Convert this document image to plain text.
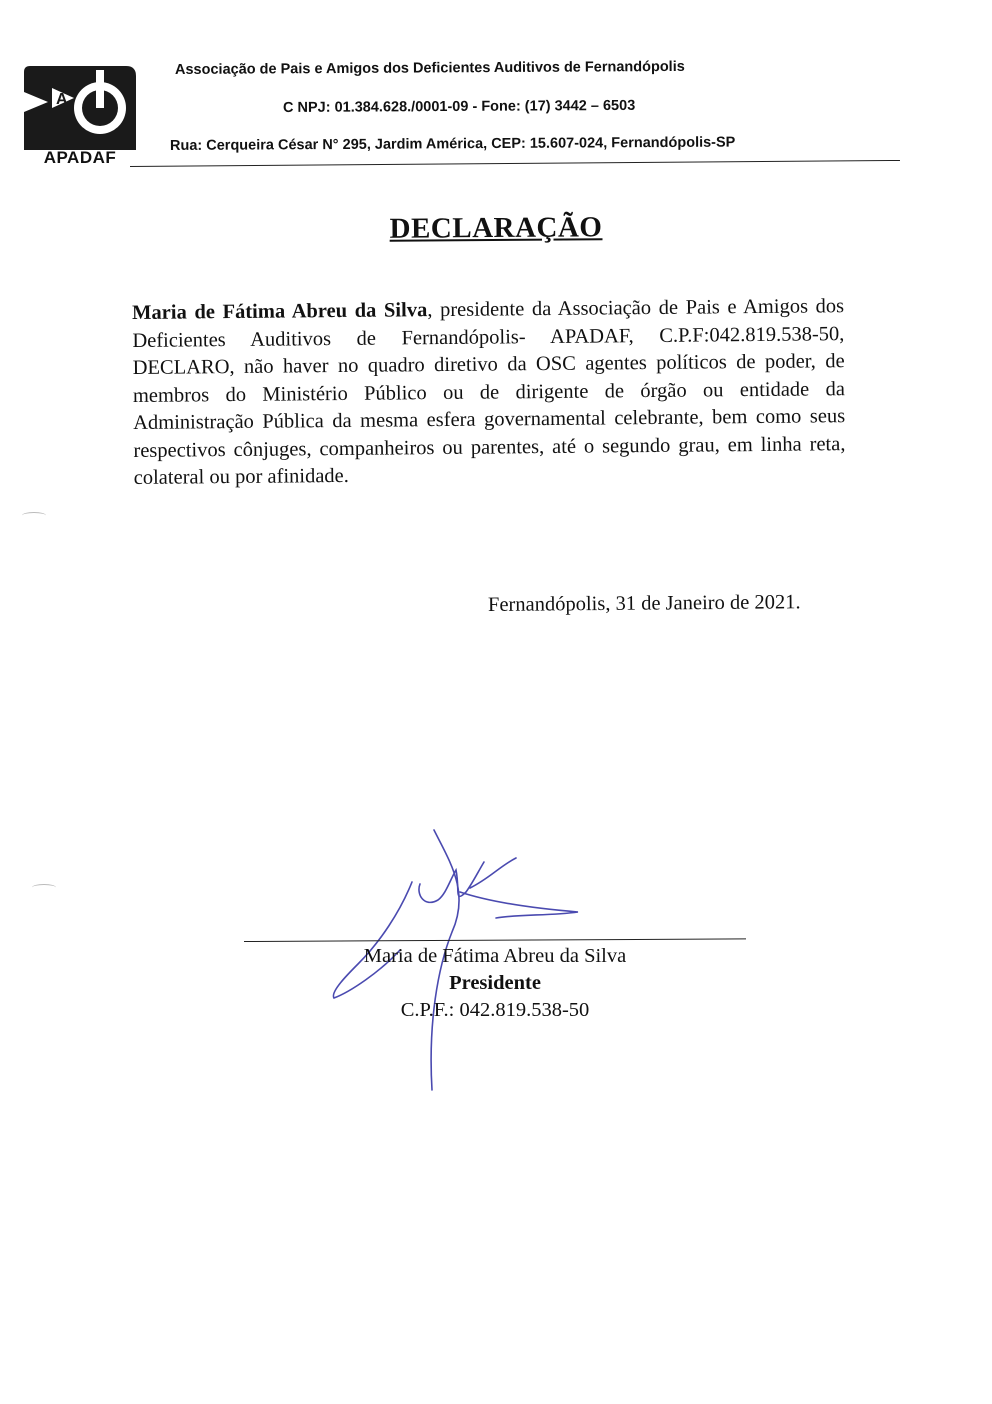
A
APADAF
Associação de Pais e Amigos dos Deficientes Auditivos de Fernandópolis
C NPJ: 01.384.628./0001-09 - Fone: (17) 3442 – 6503
Rua: Cerqueira César N° 295, Jardim América, CEP: 15.607-024, Fernandópolis-SP
DECLARAÇÃO
Maria de Fátima Abreu da Silva, presidente da Associação de Pais e Amigos dos Deficientes Auditivos de Fernandópolis- APADAF, C.P.F:042.819.538-50, DECLARO, não haver no quadro diretivo da OSC agentes políticos de poder, de membros do Ministério Público ou de dirigente de órgão ou entidade da Administração Pública da mesma esfera governamental celebrante, bem como seus respectivos cônjuges, companheiros ou parentes, até o segundo grau, em linha reta, colateral ou por afinidade.
Fernandópolis, 31 de Janeiro de 2021.
Maria de Fátima Abreu da Silva
Presidente
C.P.F.: 042.819.538-50
